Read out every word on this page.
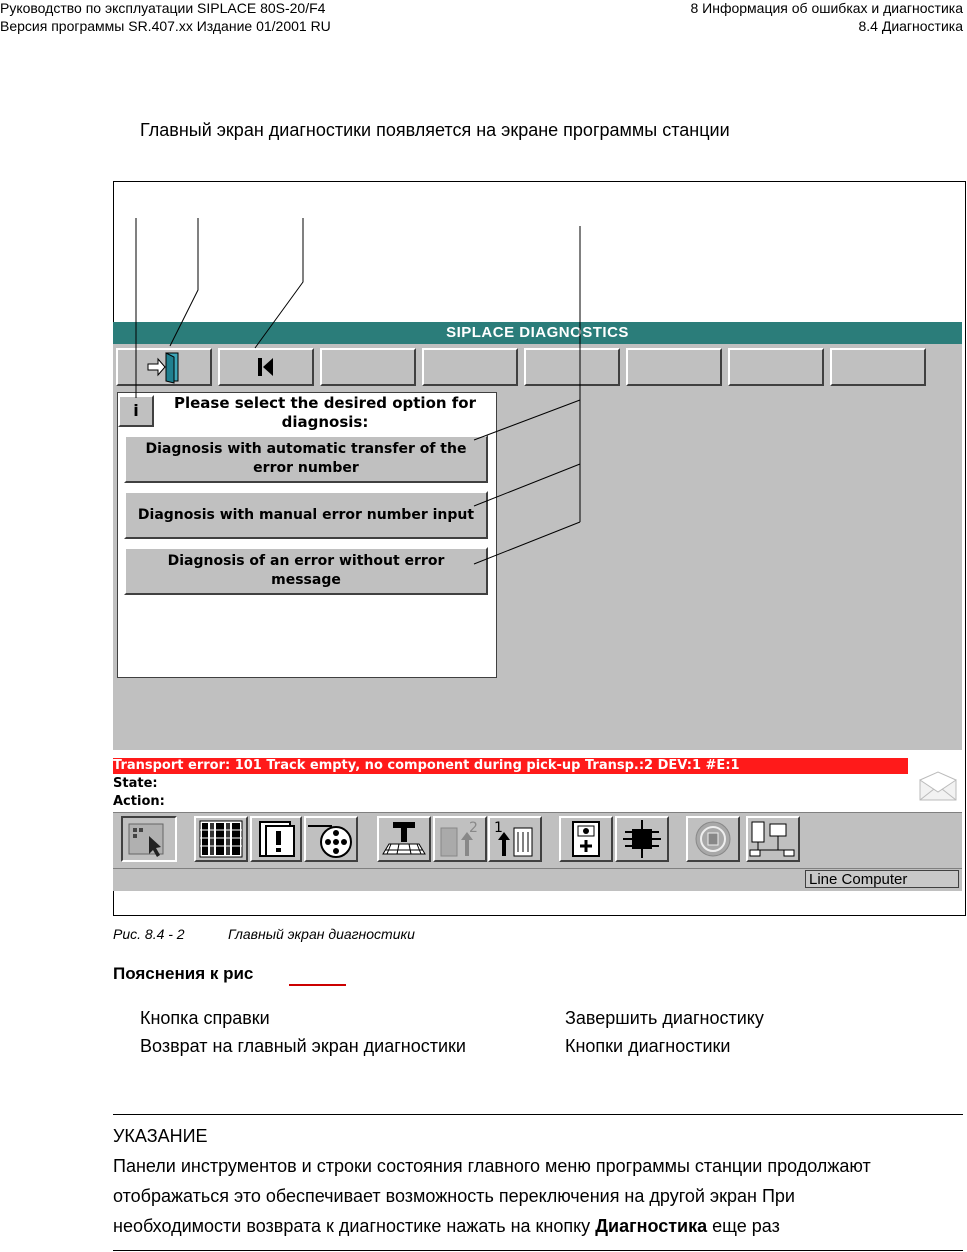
Руководство по эксплуатации SIPLACE 80S-20/F4
Версия программы SR.407.xx Издание 01/2001 RU
8 Информация об ошибках и диагностика
8.4 Диагностика
Главный экран диагностики появляется на экране программы станции
SIPLACE DIAGNOSTICS
i	Please select the desired option for diagnosis:
Diagnosis with automatic transfer of the error number
Diagnosis with manual error number input
Diagnosis of an error without error message
Transport error: 101 Track empty, no component during pick-up Transp.:2 DEV:1 #E:1
State:
Action:
2 1
Line Computer
Рис. 8.4 - 2	Главный экран диагностики
Пояснения к рис
Кнопка справки
Возврат на главный экран диагностики
Завершить диагностику
Кнопки диагностики
УКАЗАНИЕ
Панели инструментов и строки состояния главного меню программы станции продолжают
отображаться это обеспечивает возможность переключения на другой экран При
необходимости возврата к диагностике нажать на кнопку Диагностика еще раз
